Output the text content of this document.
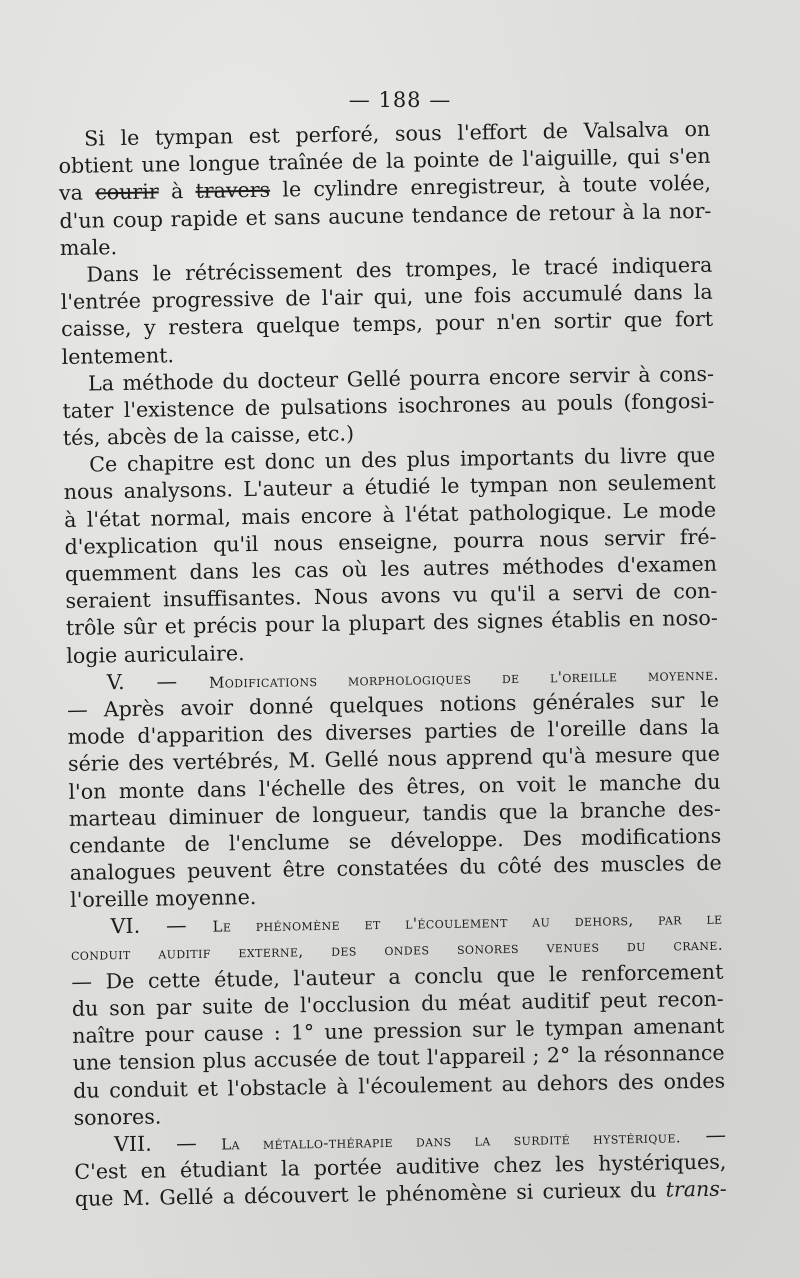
— 188 —
Si le tympan est perforé, sous l'effort de Valsalva on
obtient une longue traînée de la pointe de l'aiguille, qui s'en
va courir à travers le cylindre enregistreur, à toute volée,
d'un coup rapide et sans aucune tendance de retour à la nor-
male.
Dans le rétrécissement des trompes, le tracé indiquera
l'entrée progressive de l'air qui, une fois accumulé dans la
caisse, y restera quelque temps, pour n'en sortir que fort
lentement.
La méthode du docteur Gellé pourra encore servir à cons-
tater l'existence de pulsations isochrones au pouls (fongosi-
tés, abcès de la caisse, etc.)
Ce chapitre est donc un des plus importants du livre que
nous analysons. L'auteur a étudié le tympan non seulement
à l'état normal, mais encore à l'état pathologique. Le mode
d'explication qu'il nous enseigne, pourra nous servir fré-
quemment dans les cas où les autres méthodes d'examen
seraient insuffisantes. Nous avons vu qu'il a servi de con-
trôle sûr et précis pour la plupart des signes établis en noso-
logie auriculaire.
V. — Modifications morphologiques de l'oreille moyenne.
— Après avoir donné quelques notions générales sur le
mode d'apparition des diverses parties de l'oreille dans la
série des vertébrés, M. Gellé nous apprend qu'à mesure que
l'on monte dans l'échelle des êtres, on voit le manche du
marteau diminuer de longueur, tandis que la branche des-
cendante de l'enclume se développe. Des modifications
analogues peuvent être constatées du côté des muscles de
l'oreille moyenne.
VI. — Le phénomène et l'écoulement au dehors, par le
conduit auditif externe, des ondes sonores venues du crane.
— De cette étude, l'auteur a conclu que le renforcement
du son par suite de l'occlusion du méat auditif peut recon-
naître pour cause : 1° une pression sur le tympan amenant
une tension plus accusée de tout l'appareil ; 2° la résonnance
du conduit et l'obstacle à l'écoulement au dehors des ondes
sonores.
VII. — La métallo-thérapie dans la surdité hystérique. —
C'est en étudiant la portée auditive chez les hystériques,
que M. Gellé a découvert le phénomène si curieux du trans-
